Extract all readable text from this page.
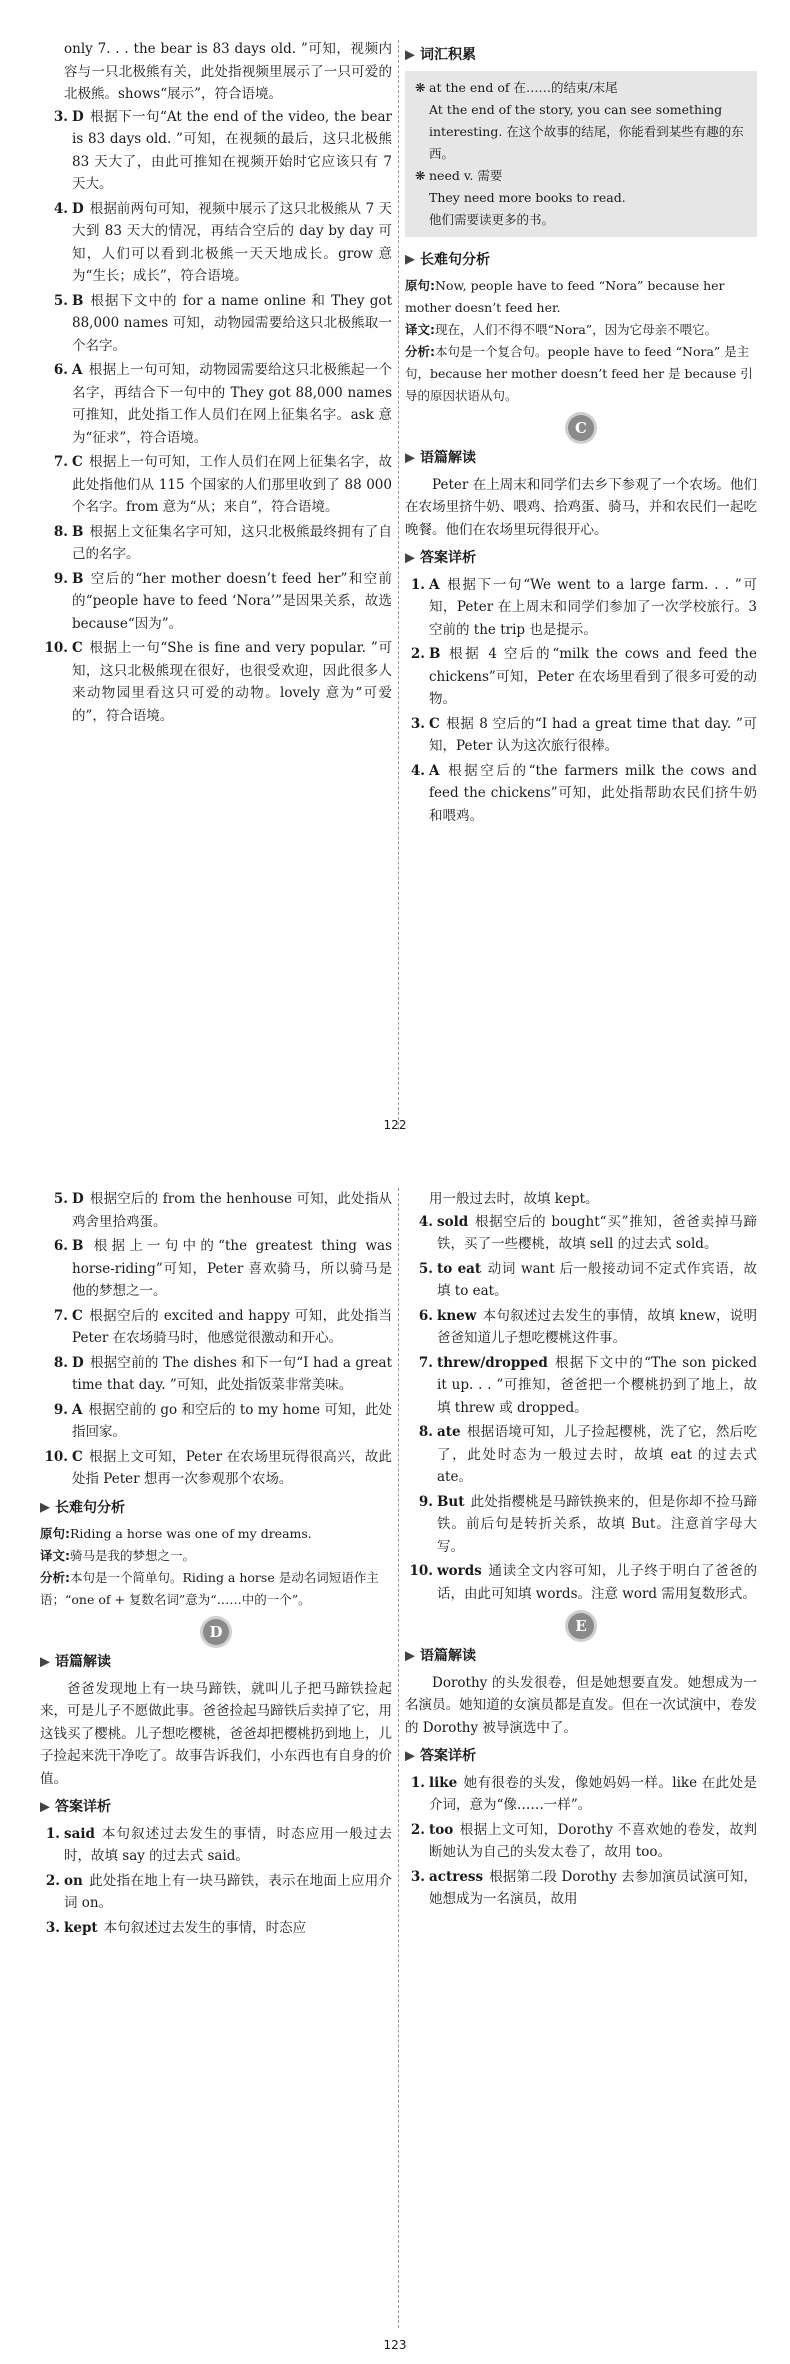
only 7. . . the bear is 83 days old. ”可知，视频内容与一只北极熊有关，此处指视频里展示了一只可爱的北极熊。shows“展示”，符合语境。
3. D 根据下一句“At the end of the video, the bear is 83 days old. ”可知，在视频的最后，这只北极熊 83 天大了，由此可推知在视频开始时它应该只有 7 天大。
4. D 根据前两句可知，视频中展示了这只北极熊从 7 天大到 83 天大的情况，再结合空后的 day by day 可知，人们可以看到北极熊一天天地成长。grow 意为“生长；成长”，符合语境。
5. B 根据下文中的 for a name online 和 They got 88,000 names 可知，动物园需要给这只北极熊取一个名字。
6. A 根据上一句可知，动物园需要给这只北极熊起一个名字，再结合下一句中的 They got 88,000 names 可推知，此处指工作人员们在网上征集名字。ask 意为“征求”，符合语境。
7. C 根据上一句可知，工作人员们在网上征集名字，故此处指他们从 115 个国家的人们那里收到了 88 000 个名字。from 意为“从；来自”，符合语境。
8. B 根据上文征集名字可知，这只北极熊最终拥有了自己的名字。
9. B 空后的“her mother doesn’t feed her”和空前的“people have to feed ‘Nora’”是因果关系，故选 because“因为”。
10. C 根据上一句“She is fine and very popular. ”可知，这只北极熊现在很好，也很受欢迎，因此很多人来动物园里看这只可爱的动物。lovely 意为“可爱的”，符合语境。
词汇积累
❋ at the end of 在……的结束/末尾
At the end of the story, you can see something interesting. 在这个故事的结尾，你能看到某些有趣的东西。
❋ need v. 需要
They need more books to read.
他们需要读更多的书。
长难句分析
原句:Now, people have to feed “Nora” because her mother doesn’t feed her.
译文:现在，人们不得不喂“Nora”，因为它母亲不喂它。
分析:本句是一个复合句。people have to feed “Nora” 是主句，because her mother doesn’t feed her 是 because 引导的原因状语从句。
C
语篇解读
Peter 在上周末和同学们去乡下参观了一个农场。他们在农场里挤牛奶、喂鸡、拾鸡蛋、骑马，并和农民们一起吃晚餐。他们在农场里玩得很开心。
答案详析
1. A 根据下一句“We went to a large farm. . . ”可知，Peter 在上周末和同学们参加了一次学校旅行。3 空前的 the trip 也是提示。
2. B 根据 4 空后的“milk the cows and feed the chickens”可知，Peter 在农场里看到了很多可爱的动物。
3. C 根据 8 空后的“I had a great time that day. ”可知，Peter 认为这次旅行很棒。
4. A 根据空后的“the farmers milk the cows and feed the chickens”可知，此处指帮助农民们挤牛奶和喂鸡。
122
5. D 根据空后的 from the henhouse 可知，此处指从鸡舍里拾鸡蛋。
6. B 根据上一句中的“the greatest thing was horse-riding”可知，Peter 喜欢骑马，所以骑马是他的梦想之一。
7. C 根据空后的 excited and happy 可知，此处指当 Peter 在农场骑马时，他感觉很激动和开心。
8. D 根据空前的 The dishes 和下一句“I had a great time that day. ”可知，此处指饭菜非常美味。
9. A 根据空前的 go 和空后的 to my home 可知，此处指回家。
10. C 根据上文可知，Peter 在农场里玩得很高兴，故此处指 Peter 想再一次参观那个农场。
长难句分析
原句:Riding a horse was one of my dreams.
译文:骑马是我的梦想之一。
分析:本句是一个简单句。Riding a horse 是动名词短语作主语；“one of + 复数名词”意为“……中的一个”。
D
语篇解读
爸爸发现地上有一块马蹄铁，就叫儿子把马蹄铁捡起来，可是儿子不愿做此事。爸爸捡起马蹄铁后卖掉了它，用这钱买了樱桃。儿子想吃樱桃，爸爸却把樱桃扔到地上，儿子捡起来洗干净吃了。故事告诉我们，小东西也有自身的价值。
答案详析
1. said 本句叙述过去发生的事情，时态应用一般过去时，故填 say 的过去式 said。
2. on 此处指在地上有一块马蹄铁，表示在地面上应用介词 on。
3. kept 本句叙述过去发生的事情，时态应
用一般过去时，故填 kept。
4. sold 根据空后的 bought“买”推知，爸爸卖掉马蹄铁，买了一些樱桃，故填 sell 的过去式 sold。
5. to eat 动词 want 后一般接动词不定式作宾语，故填 to eat。
6. knew 本句叙述过去发生的事情，故填 knew，说明爸爸知道儿子想吃樱桃这件事。
7. threw/dropped 根据下文中的“The son picked it up. . . ”可推知，爸爸把一个樱桃扔到了地上，故填 threw 或 dropped。
8. ate 根据语境可知，儿子捡起樱桃，洗了它，然后吃了，此处时态为一般过去时，故填 eat 的过去式 ate。
9. But 此处指樱桃是马蹄铁换来的，但是你却不捡马蹄铁。前后句是转折关系，故填 But。注意首字母大写。
10. words 通读全文内容可知，儿子终于明白了爸爸的话，由此可知填 words。注意 word 需用复数形式。
E
语篇解读
Dorothy 的头发很卷，但是她想要直发。她想成为一名演员。她知道的女演员都是直发。但在一次试演中，卷发的 Dorothy 被导演选中了。
答案详析
1. like 她有很卷的头发，像她妈妈一样。like 在此处是介词，意为“像……一样”。
2. too 根据上文可知，Dorothy 不喜欢她的卷发，故判断她认为自己的头发太卷了，故用 too。
3. actress 根据第二段 Dorothy 去参加演员试演可知，她想成为一名演员，故用
123
